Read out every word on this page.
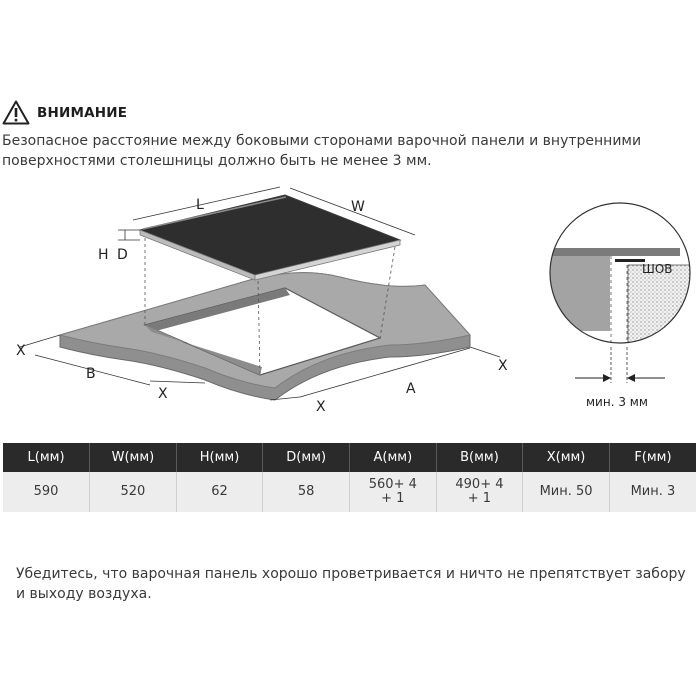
ВНИМАНИЕ
Безопасное расстояние между боковыми сторонами варочной панели и внутренними поверхностями столешницы должно быть не менее 3 мм.
L	W
H D
B
A
X
X
X
X
ШОВ
мин. 3 мм
L(мм)	W(мм)	H(мм)	D(мм)	A(мм)	B(мм)	X(мм)	F(мм)
590	520	62	58	560+ 4 + 1	490+ 4 + 1	Мин. 50	Мин. 3
Убедитесь, что варочная панель хорошо проветривается и ничто не препятствует забору и выходу воздуха.
